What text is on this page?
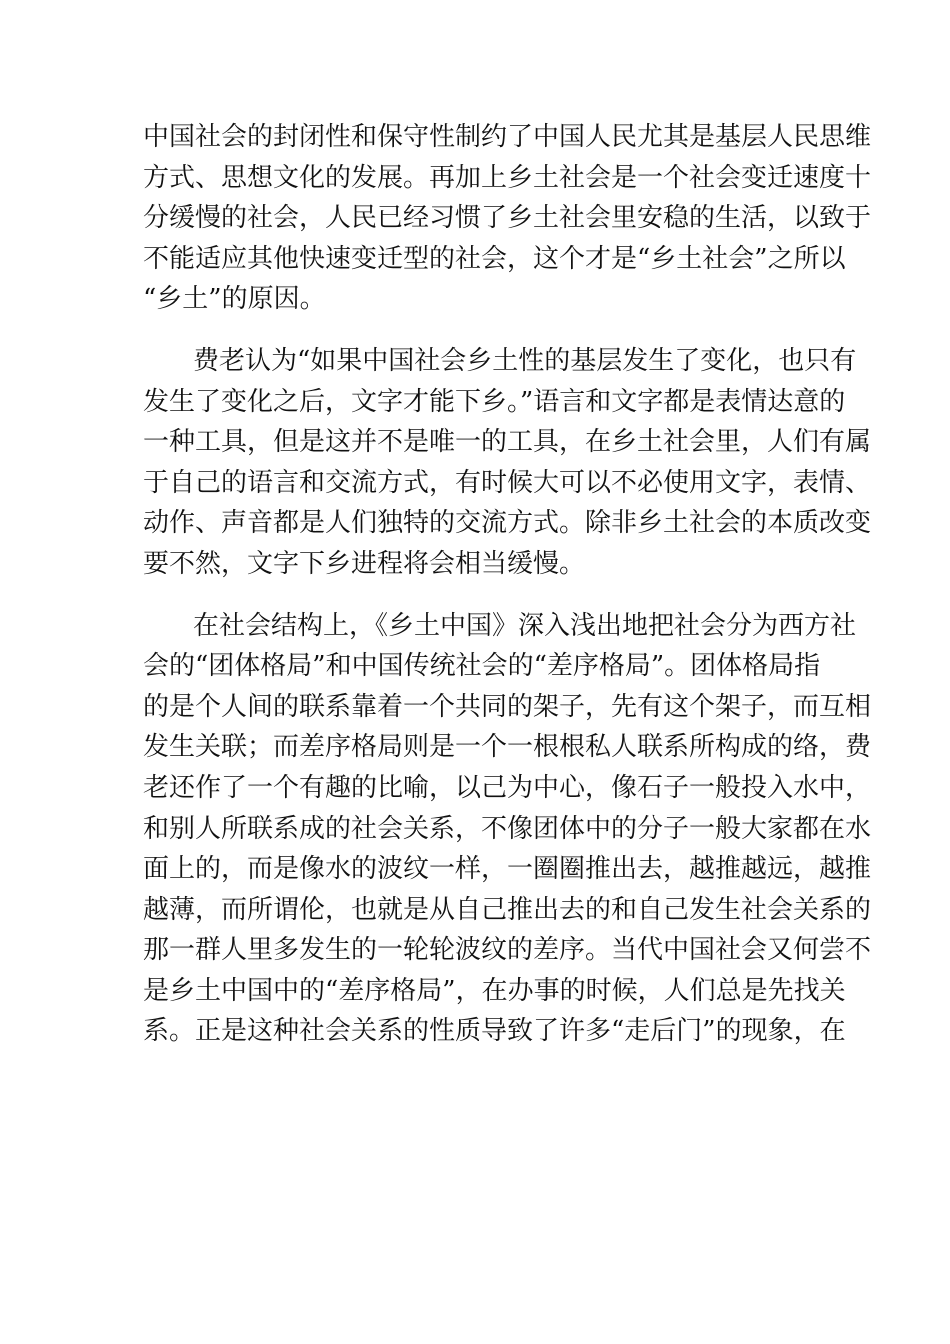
中国社会的封闭性和保守性制约了中国人民尤其是基层人民思维
方式、思想文化的发展。再加上乡土社会是一个社会变迁速度十
分缓慢的社会，人民已经习惯了乡土社会里安稳的生活，以致于
不能适应其他快速变迁型的社会，这个才是“乡土社会”之所以
“乡土”的原因。
费老认为“如果中国社会乡土性的基层发生了变化，也只有
发生了变化之后，文字才能下乡。”语言和文字都是表情达意的
一种工具，但是这并不是唯一的工具，在乡土社会里，人们有属
于自己的语言和交流方式，有时候大可以不必使用文字，表情、
动作、声音都是人们独特的交流方式。除非乡土社会的本质改变
要不然，文字下乡进程将会相当缓慢。
在社会结构上，《乡土中国》深入浅出地把社会分为西方社
会的“团体格局”和中国传统社会的“差序格局”。团体格局指
的是个人间的联系靠着一个共同的架子，先有这个架子，而互相
发生关联；而差序格局则是一个一根根私人联系所构成的络，费
老还作了一个有趣的比喻，以己为中心，像石子一般投入水中，
和别人所联系成的社会关系，不像团体中的分子一般大家都在水
面上的，而是像水的波纹一样，一圈圈推出去，越推越远，越推
越薄，而所谓伦，也就是从自己推出去的和自己发生社会关系的
那一群人里多发生的一轮轮波纹的差序。当代中国社会又何尝不
是乡土中国中的“差序格局”，在办事的时候，人们总是先找关
系。正是这种社会关系的性质导致了许多“走后门”的现象，在
